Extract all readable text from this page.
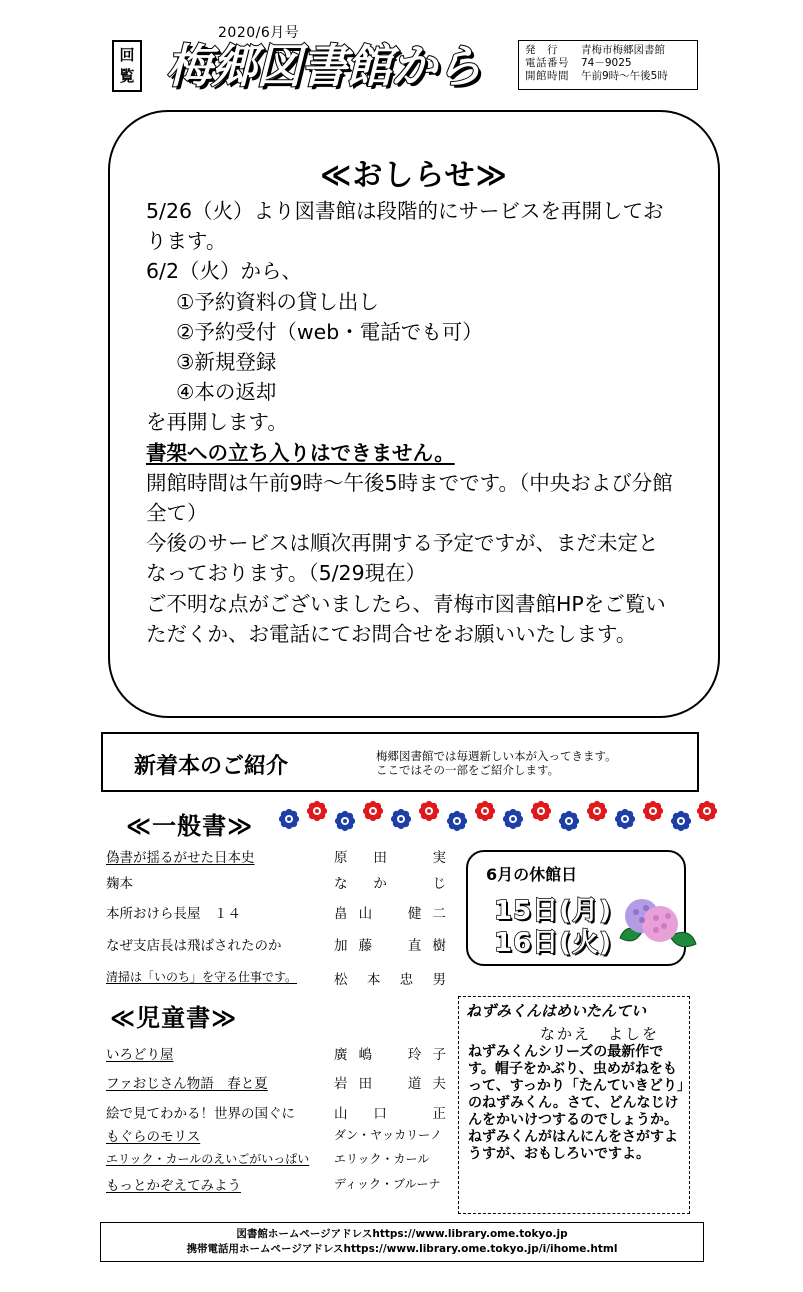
2020/6月号
回
覧 梅郷図書館から	発　行	青梅市梅郷図書館
電話番号	74－9025
開館時間	午前9時～午後5時
≪おしらせ≫

5/26（火）より図書館は段階的にサービスを再開しております。

6/2（火）から、

①予約資料の貸し出し

②予約受付（web・電話でも可）

③新規登録

④本の返却

を再開します。

書架への立ち入りはできません。

開館時間は午前9時～午後5時までです。（中央および分館全て）

今後のサービスは順次再開する予定ですが、まだ未定となっております。（5/29現在）

ご不明な点がございましたら、青梅市図書館HPをご覧いただくか、お電話にてお問合せをお願いいたします。

新着本のご紹介	梅郷図書館では毎週新しい本が入ってきます。
ここではその一部をご紹介します。
≪一般書≫
偽書が揺るがせた日本史	原　田　　実
麹本	な　か　　じ
本所おけら長屋　１４	畠山　健二
なぜ支店長は飛ばされたのか	加藤　直樹
清掃は「いのち」を守る仕事です。	松本忠男
6月の休館日
15日(月)
16日(火)
≪児童書≫
いろどり屋	廣嶋　玲子
ファおじさん物語　春と夏	岩田　道夫
絵で見てわかる！世界の国ぐに	山　口　　正
もぐらのモリス	ダン・ヤッカリーノ
エリック・カールのえいごがいっぱい エリック・カール
もっとかぞえてみよう	ディック・ブルーナ
ねずみくんはめいたんてい
なかえ　よしを
ねずみくんシリーズの最新作です。帽子をかぶり、虫めがねをもって、すっかり「たんていきどり」のねずみくん。さて、どんなじけんをかいけつするのでしょうか。ねずみくんがはんにんをさがすようすが、おもしろいですよ。
図書館ホームページアドレスhttps://www.library.ome.tokyo.jp
携帯電話用ホームページアドレスhttps://www.library.ome.tokyo.jp/i/ihome.html
